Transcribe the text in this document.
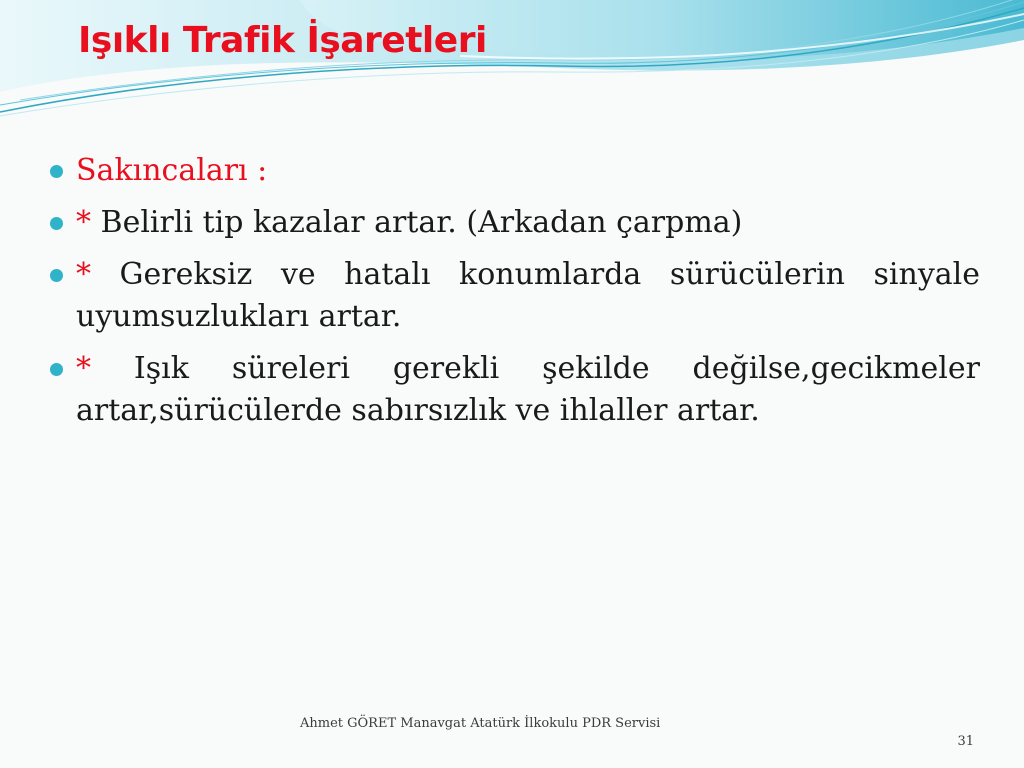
Işıklı Trafik İşaretleri
Sakıncaları :
* Belirli tip kazalar artar. (Arkadan çarpma)
* Gereksiz ve hatalı konumlarda sürücülerin sinyale uyumsuzlukları artar.
* Işık süreleri gerekli şekilde değilse,gecikmeler artar,sürücülerde sabırsızlık ve ihlaller artar.
Ahmet GÖRET Manavgat Atatürk İlkokulu PDR Servisi
31
